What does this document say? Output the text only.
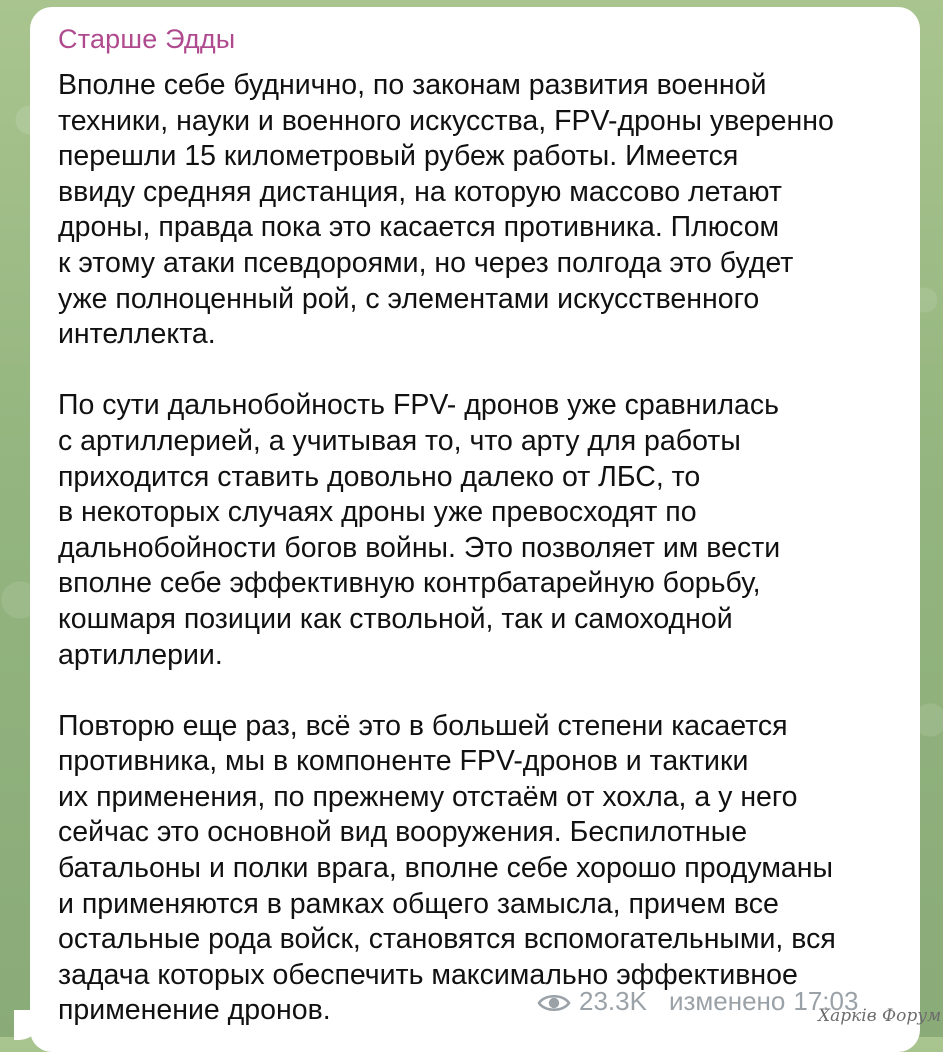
Старше Эдды
Вполне себе буднично, по законам развития военной
техники, науки и военного искусства, FPV-дроны уверенно
перешли 15 километровый рубеж работы. Имеется
ввиду средняя дистанция, на которую массово летают
дроны, правда пока это касается противника. Плюсом
к этому атаки псевдороями, но через полгода это будет
уже полноценный рой, с элементами искусственного
интеллекта.
По сути дальнобойность FPV- дронов уже сравнилась
с артиллерией, а учитывая то, что арту для работы
приходится ставить довольно далеко от ЛБС, то
в некоторых случаях дроны уже превосходят по
дальнобойности богов войны. Это позволяет им вести
вполне себе эффективную контрбатарейную борьбу,
кошмаря позиции как ствольной, так и самоходной
артиллерии.
Повторю еще раз, всё это в большей степени касается
противника, мы в компоненте FPV-дронов и тактики
их применения, по прежнему отстаём от хохла, а у него
сейчас это основной вид вооружения. Беспилотные
батальоны и полки врага, вполне себе хорошо продуманы
и применяются в рамках общего замысла, причем все
остальные рода войск, становятся вспомогательными, вся
задача которых обеспечить максимально эффективное
применение дронов.	23.3K изменено 17:03
Харків Форум
